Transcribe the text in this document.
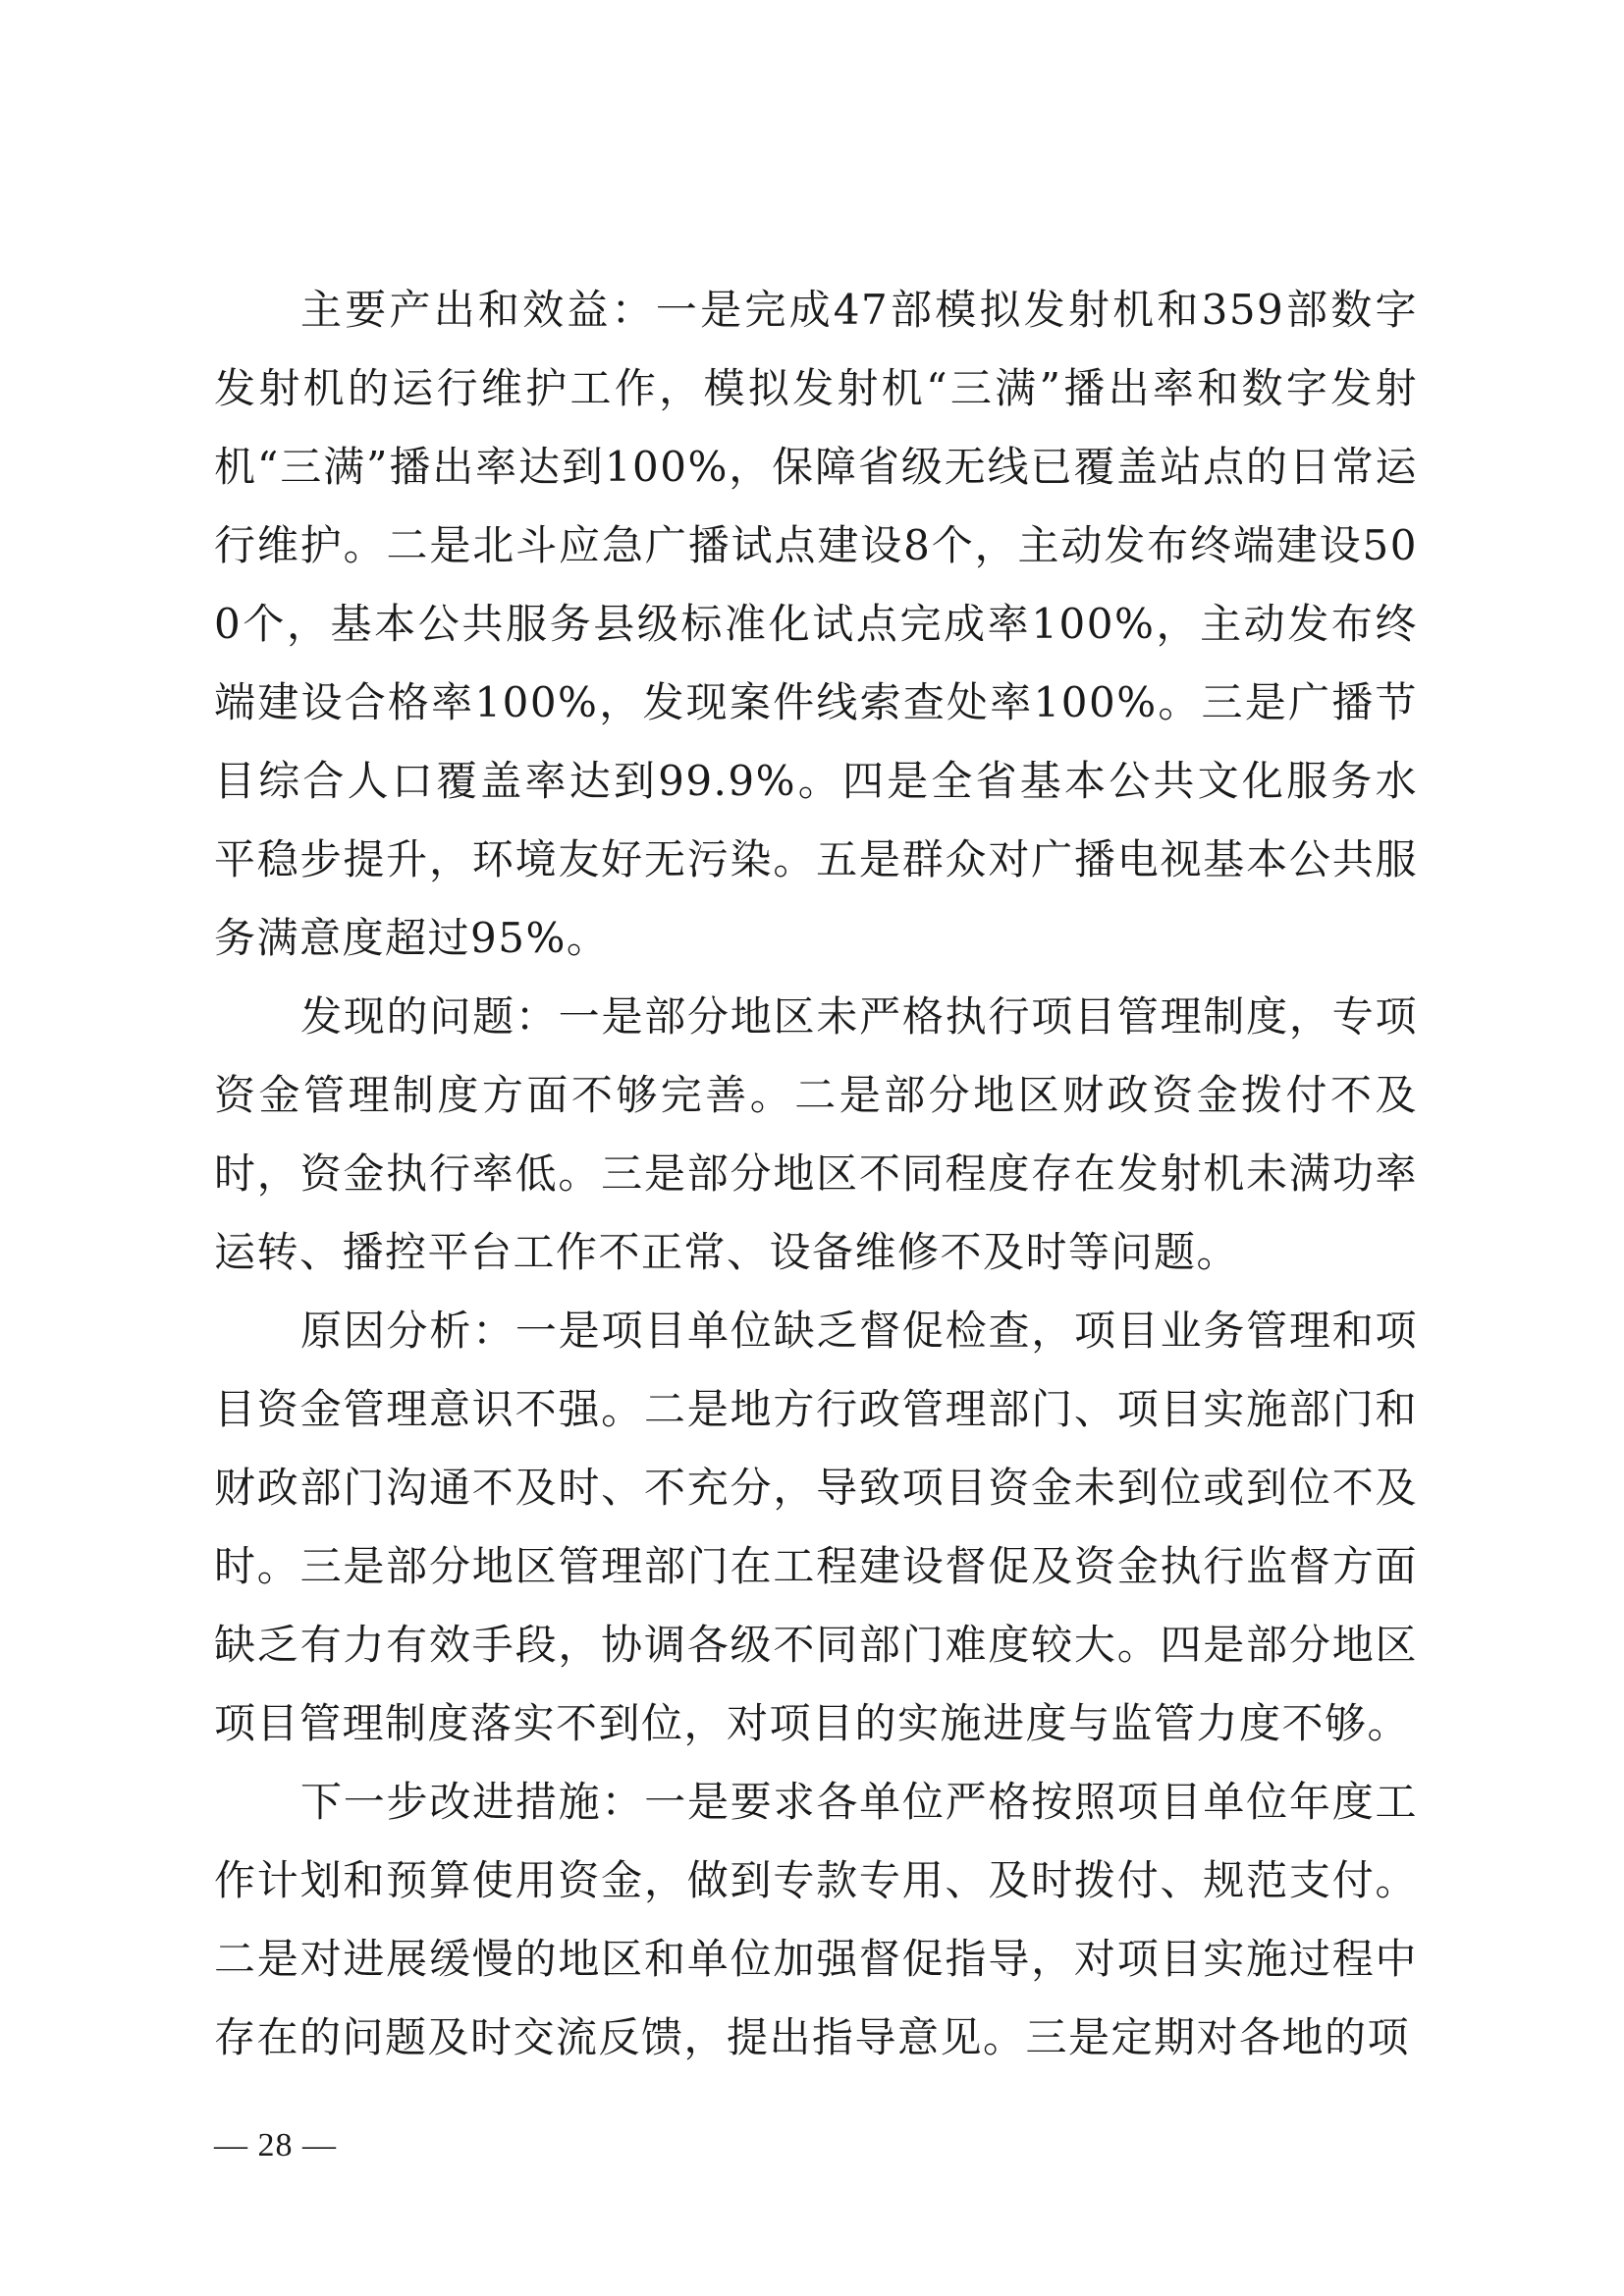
主要产出和效益：一是完成47部模拟发射机和359部数字发射机的运行维护工作，模拟发射机“三满”播出率和数字发射机“三满”播出率达到100%，保障省级无线已覆盖站点的日常运行维护。二是北斗应急广播试点建设8个，主动发布终端建设500个，基本公共服务县级标准化试点完成率100%，主动发布终端建设合格率100%，发现案件线索查处率100%。三是广播节目综合人口覆盖率达到99.9%。四是全省基本公共文化服务水平稳步提升，环境友好无污染。五是群众对广播电视基本公共服务满意度超过95%。

发现的问题：一是部分地区未严格执行项目管理制度，专项资金管理制度方面不够完善。二是部分地区财政资金拨付不及时，资金执行率低。三是部分地区不同程度存在发射机未满功率运转、播控平台工作不正常、设备维修不及时等问题。

原因分析：一是项目单位缺乏督促检查，项目业务管理和项目资金管理意识不强。二是地方行政管理部门、项目实施部门和财政部门沟通不及时、不充分，导致项目资金未到位或到位不及时。三是部分地区管理部门在工程建设督促及资金执行监督方面缺乏有力有效手段，协调各级不同部门难度较大。四是部分地区项目管理制度落实不到位，对项目的实施进度与监管力度不够。

下一步改进措施：一是要求各单位严格按照项目单位年度工作计划和预算使用资金，做到专款专用、及时拨付、规范支付。二是对进展缓慢的地区和单位加强督促指导，对项目实施过程中存在的问题及时交流反馈，提出指导意见。三是定期对各地的项

— 28 —
